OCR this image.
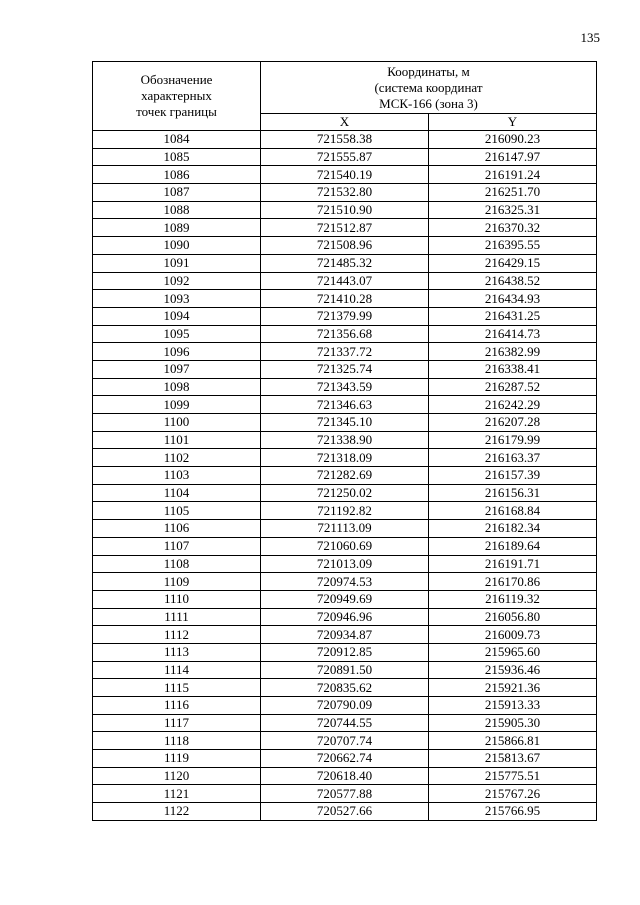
135
Обозначение
характерных
точек границы	Координаты, м
(система координат
МСК-166 (зона 3)	

	X	Y
1084	721558.38	216090.23
1085	721555.87	216147.97
1086	721540.19	216191.24
1087	721532.80	216251.70
1088	721510.90	216325.31
1089	721512.87	216370.32
1090	721508.96	216395.55
1091	721485.32	216429.15
1092	721443.07	216438.52
1093	721410.28	216434.93
1094	721379.99	216431.25
1095	721356.68	216414.73
1096	721337.72	216382.99
1097	721325.74	216338.41
1098	721343.59	216287.52
1099	721346.63	216242.29
1100	721345.10	216207.28
1101	721338.90	216179.99
1102	721318.09	216163.37
1103	721282.69	216157.39
1104	721250.02	216156.31
1105	721192.82	216168.84
1106	721113.09	216182.34
1107	721060.69	216189.64
1108	721013.09	216191.71
1109	720974.53	216170.86
1110	720949.69	216119.32
1111	720946.96	216056.80
1112	720934.87	216009.73
1113	720912.85	215965.60
1114	720891.50	215936.46
1115	720835.62	215921.36
1116	720790.09	215913.33
1117	720744.55	215905.30
1118	720707.74	215866.81
1119	720662.74	215813.67
1120	720618.40	215775.51
1121	720577.88	215767.26
1122	720527.66	215766.95
